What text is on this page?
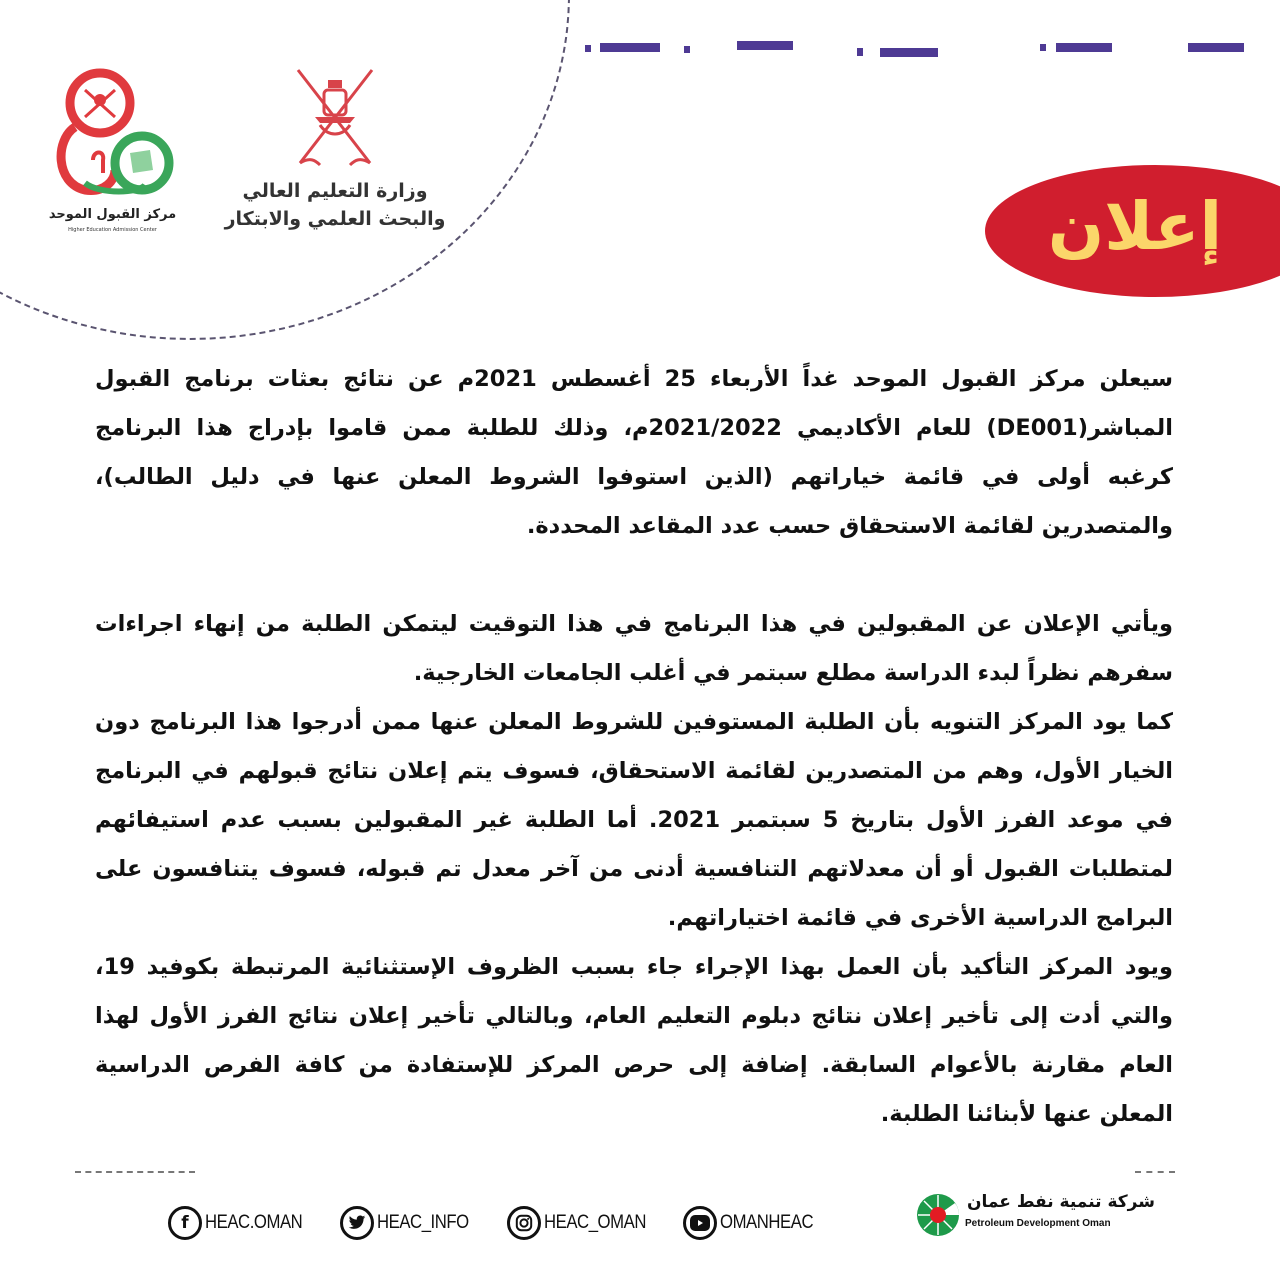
مركز القبول الموحد
Higher Education Admission Center
وزارة التعليم العالي
والبحث العلمي والابتكار	إعلان

سيعلن مركز القبول الموحد غداً الأربعاء 25 أغسطس 2021م عن نتائج بعثات برنامج القبول المباشر(DE001) للعام الأكاديمي 2021/2022م، وذلك للطلبة ممن قاموا بإدراج هذا البرنامج كرغبه أولى في قائمة خياراتهم (الذين استوفوا الشروط المعلن عنها في دليل الطالب)، والمتصدرين لقائمة الاستحقاق حسب عدد المقاعد المحددة.

ويأتي الإعلان عن المقبولين في هذا البرنامج في هذا التوقيت ليتمكن الطلبة من إنهاء اجراءات سفرهم نظراً لبدء الدراسة مطلع سبتمر في أغلب الجامعات الخارجية.

كما يود المركز التنويه بأن الطلبة المستوفين للشروط المعلن عنها ممن أدرجوا هذا البرنامج دون الخيار الأول، وهم من المتصدرين لقائمة الاستحقاق، فسوف يتم إعلان نتائج قبولهم في البرنامج في موعد الفرز الأول بتاريخ 5 سبتمبر 2021. أما الطلبة غير المقبولين بسبب عدم استيفائهم لمتطلبات القبول أو أن معدلاتهم التنافسية أدنى من آخر معدل تم قبوله، فسوف يتنافسون على البرامج الدراسية الأخرى في قائمة اختياراتهم.

ويود المركز التأكيد بأن العمل بهذا الإجراء جاء بسبب الظروف الإستثنائية المرتبطة بكوفيد 19، والتي أدت إلى تأخير إعلان نتائج دبلوم التعليم العام، وبالتالي تأخير إعلان نتائج الفرز الأول لهذا العام مقارنة بالأعوام السابقة. إضافة إلى حرص المركز للإستفادة من كافة الفرص الدراسية المعلن عنها لأبنائنا الطلبة.

f HEAC.OMAN	HEAC_INFO	HEAC_OMAN	OMANHEAC
شركة تنمية نفط عمان
Petroleum Development Oman
